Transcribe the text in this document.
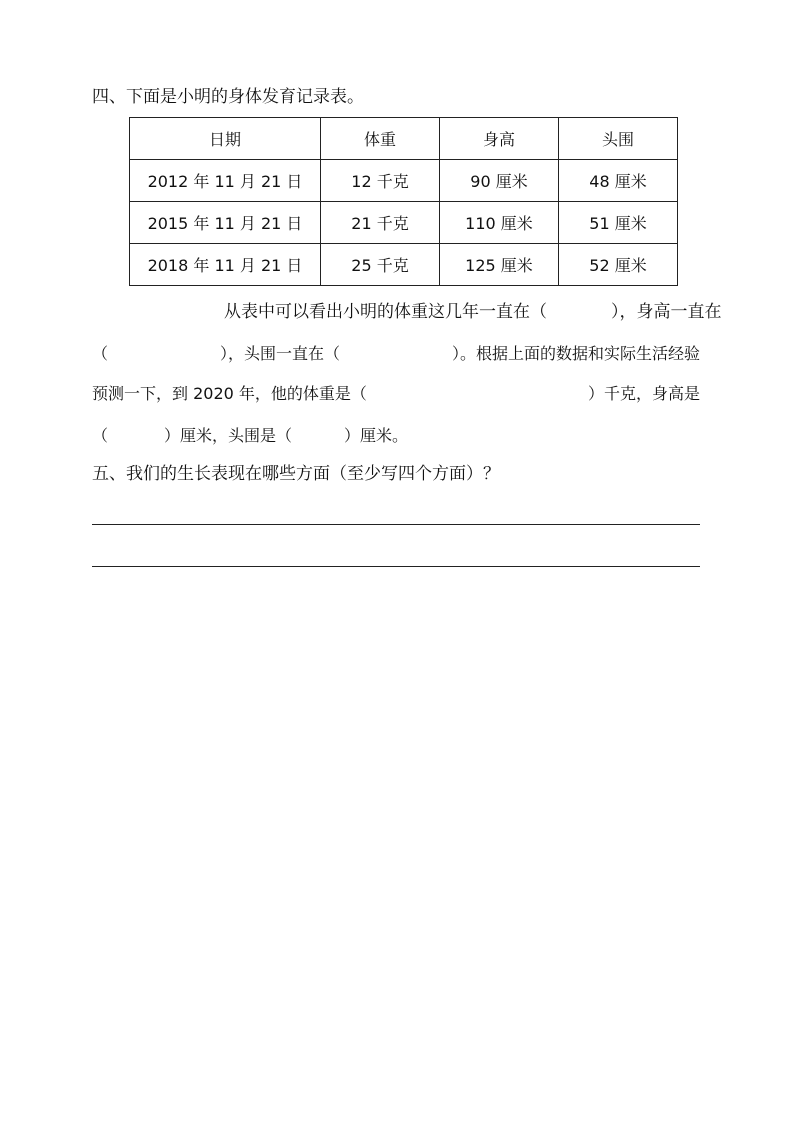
四、下面是小明的身体发育记录表。
日期	体重	身高	头围
2012 年 11 月 21 日	12 千克	90 厘米	48 厘米
2015 年 11 月 21 日	21 千克	110 厘米	51 厘米
2018 年 11 月 21 日	25 千克	125 厘米	52 厘米
从表中可以看出小明的体重这几年一直在（	），身高一直在
（	），头围一直在（	）。根据上面的数据和实际生活经验
预测一下，到 2020 年，他的体重是（	）千克，身高是
（	）厘米，头围是（	）厘米。
五、我们的生长表现在哪些方面（至少写四个方面）？
